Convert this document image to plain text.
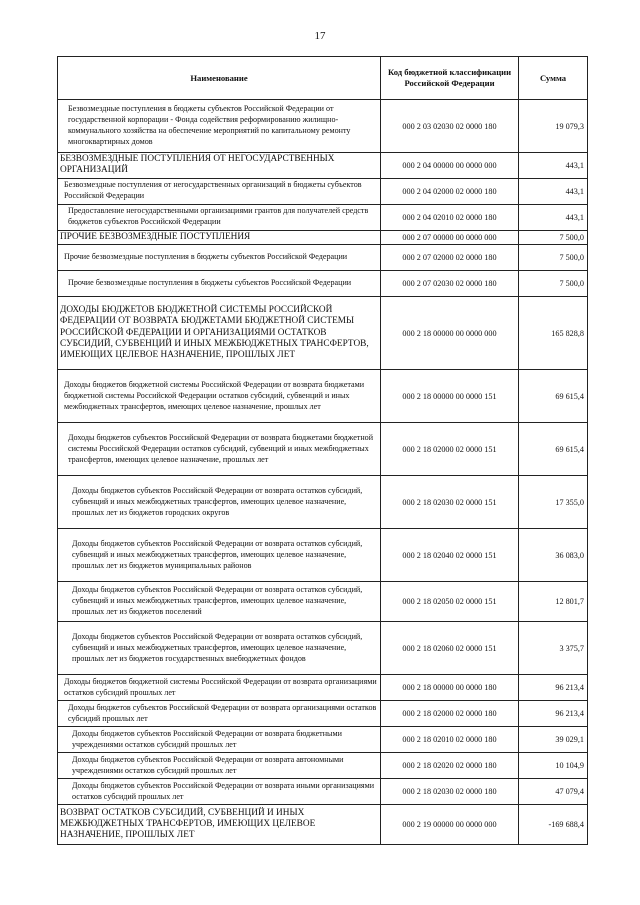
17
Наименование	Код бюджетной классификации Российской Федерации	Сумма
Безвозмездные поступления в бюджеты субъектов Российской Федерации от государственной корпорации - Фонда содействия реформированию жилищно-коммунального хозяйства на обеспечение мероприятий по капитальному ремонту многоквартирных домов	000 2 03 02030 02 0000 180	19 079,3
БЕЗВОЗМЕЗДНЫЕ ПОСТУПЛЕНИЯ ОТ НЕГОСУДАРСТВЕННЫХ ОРГАНИЗАЦИЙ	000 2 04 00000 00 0000 000	443,1
Безвозмездные поступления от негосударственных организаций в бюджеты субъектов Российской Федерации	000 2 04 02000 02 0000 180	443,1
Предоставление негосударственными организациями грантов для получателей средств бюджетов субъектов Российской Федерации	000 2 04 02010 02 0000 180	443,1
ПРОЧИЕ БЕЗВОЗМЕЗДНЫЕ ПОСТУПЛЕНИЯ	000 2 07 00000 00 0000 000	7 500,0
Прочие безвозмездные поступления в бюджеты субъектов Российской Федерации	000 2 07 02000 02 0000 180	7 500,0
Прочие безвозмездные поступления в бюджеты субъектов Российской Федерации	000 2 07 02030 02 0000 180	7 500,0
ДОХОДЫ БЮДЖЕТОВ БЮДЖЕТНОЙ СИСТЕМЫ РОССИЙСКОЙ ФЕДЕРАЦИИ ОТ ВОЗВРАТА БЮДЖЕТАМИ БЮДЖЕТНОЙ СИСТЕМЫ РОССИЙСКОЙ ФЕДЕРАЦИИ И ОРГАНИЗАЦИЯМИ ОСТАТКОВ СУБСИДИЙ, СУБВЕНЦИЙ И ИНЫХ МЕЖБЮДЖЕТНЫХ ТРАНСФЕРТОВ, ИМЕЮЩИХ ЦЕЛЕВОЕ НАЗНАЧЕНИЕ, ПРОШЛЫХ ЛЕТ	000 2 18 00000 00 0000 000	165 828,8
Доходы бюджетов бюджетной системы Российской Федерации от возврата бюджетами бюджетной системы Российской Федерации остатков субсидий, субвенций и иных межбюджетных трансфертов, имеющих целевое назначение, прошлых лет	000 2 18 00000 00 0000 151	69 615,4
Доходы бюджетов субъектов Российской Федерации от возврата бюджетами бюджетной системы Российской Федерации остатков субсидий, субвенций и иных межбюджетных трансфертов, имеющих целевое назначение, прошлых лет	000 2 18 02000 02 0000 151	69 615,4
Доходы бюджетов субъектов Российской Федерации от возврата остатков субсидий, субвенций и иных межбюджетных трансфертов, имеющих целевое назначение, прошлых лет из бюджетов городских округов	000 2 18 02030 02 0000 151	17 355,0
Доходы бюджетов субъектов Российской Федерации от возврата остатков субсидий, субвенций и иных межбюджетных трансфертов, имеющих целевое назначение, прошлых лет из бюджетов муниципальных районов	000 2 18 02040 02 0000 151	36 083,0
Доходы бюджетов субъектов Российской Федерации от возврата остатков субсидий, субвенций и иных межбюджетных трансфертов, имеющих целевое назначение, прошлых лет из бюджетов поселений	000 2 18 02050 02 0000 151	12 801,7
Доходы бюджетов субъектов Российской Федерации от возврата остатков субсидий, субвенций и иных межбюджетных трансфертов, имеющих целевое назначение, прошлых лет из бюджетов государственных внебюджетных фондов	000 2 18 02060 02 0000 151	3 375,7
Доходы бюджетов бюджетной системы Российской Федерации от возврата организациями остатков субсидий прошлых лет	000 2 18 00000 00 0000 180	96 213,4
Доходы бюджетов субъектов Российской Федерации от возврата организациями остатков субсидий прошлых лет	000 2 18 02000 02 0000 180	96 213,4
Доходы бюджетов субъектов Российской Федерации от возврата бюджетными учреждениями остатков субсидий прошлых лет	000 2 18 02010 02 0000 180	39 029,1
Доходы бюджетов субъектов Российской Федерации от возврата автономными учреждениями остатков субсидий прошлых лет	000 2 18 02020 02 0000 180	10 104,9
Доходы бюджетов субъектов Российской Федерации от возврата иными организациями остатков субсидий прошлых лет	000 2 18 02030 02 0000 180	47 079,4
ВОЗВРАТ ОСТАТКОВ СУБСИДИЙ, СУБВЕНЦИЙ И ИНЫХ МЕЖБЮДЖЕТНЫХ ТРАНСФЕРТОВ, ИМЕЮЩИХ ЦЕЛЕВОЕ НАЗНАЧЕНИЕ, ПРОШЛЫХ ЛЕТ	000 2 19 00000 00 0000 000	-169 688,4
